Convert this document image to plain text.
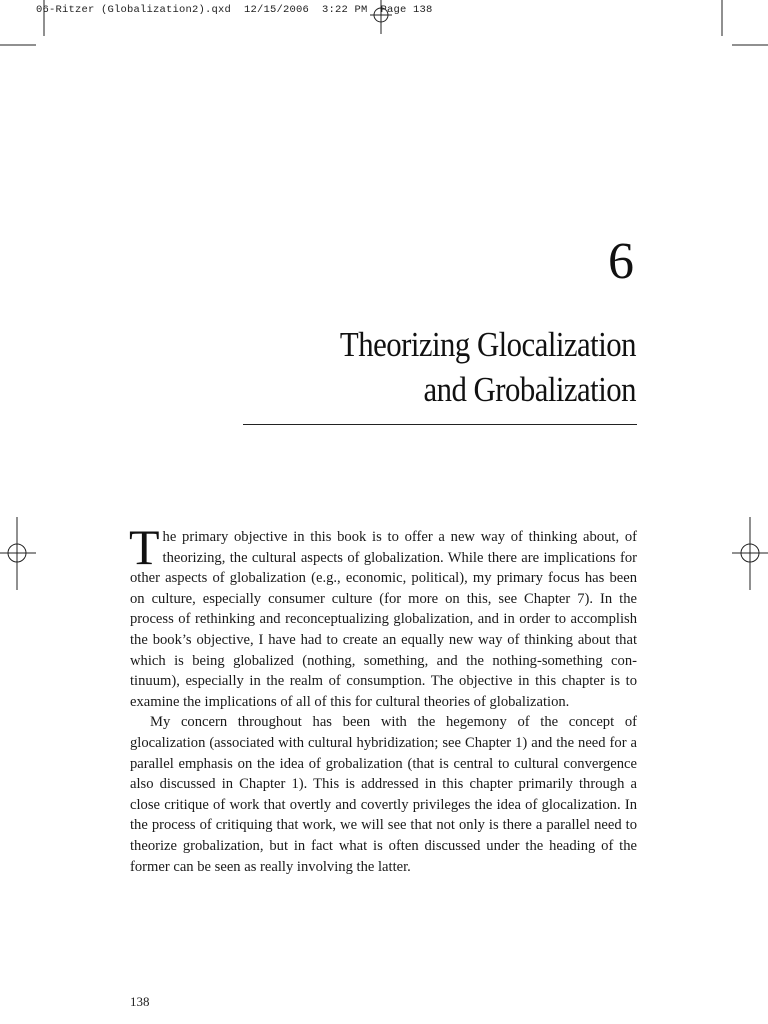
06-Ritzer (Globalization2).qxd  12/15/2006  3:22 PM  Page 138
6
Theorizing Glocalization
and Grobalization

The primary objective in this book is to offer a new way of thinking about, of theorizing, the cultural aspects of globalization. While there are implications for other aspects of globalization (e.g., economic, political), my primary focus has been on culture, especially consumer culture (for more on this, see Chapter 7). In the process of rethinking and reconceptualizing globalization, and in order to accomplish the book’s objective, I have had to create an equally new way of thinking about that which is being globalized (nothing, something, and the nothing-something continuum), especially in the realm of consumption. The objective in this chapter is to examine the implications of all of this for cultural theories of globalization.

My concern throughout has been with the hegemony of the concept of glocalization (associated with cultural hybridization; see Chapter 1) and the need for a parallel emphasis on the idea of grobalization (that is central to cultural convergence also discussed in Chapter 1). This is addressed in this chapter primarily through a close critique of work that overtly and covertly privileges the idea of glocalization. In the process of critiquing that work, we will see that not only is there a parallel need to theorize grobalization, but in fact what is often discussed under the heading of the former can be seen as really involving the latter.

138
